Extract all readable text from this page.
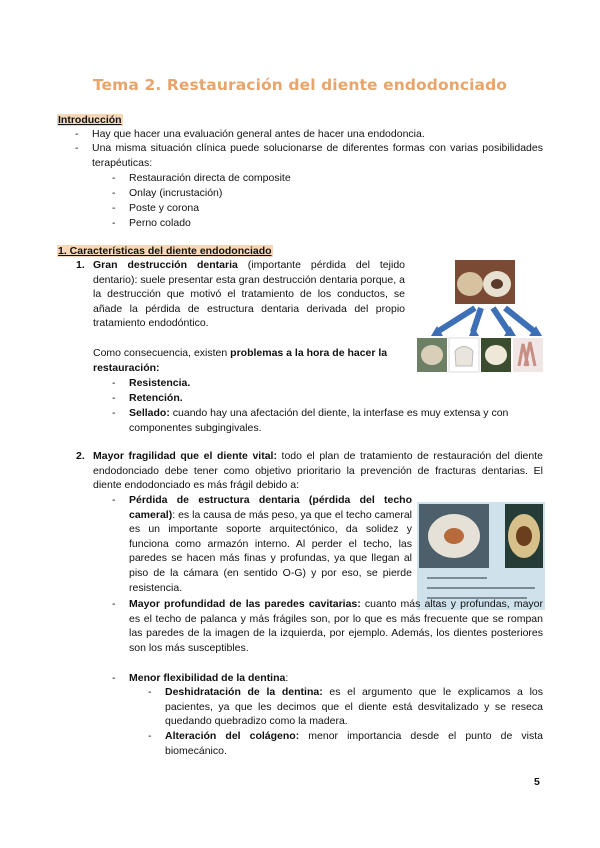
Tema 2. Restauración del diente endodonciado
Introducción
- Hay que hacer una evaluación general antes de hacer una endodoncia.
- Una misma situación clínica puede solucionarse de diferentes formas con varias posibilidades terapéuticas:
- Restauración directa de composite
- Onlay (incrustación)
- Poste y corona
- Perno colado
1. Características del diente endodonciado
1. Gran destrucción dentaria (importante pérdida del tejido dentario): suele presentar esta gran destrucción dentaria porque, a la destrucción que motivó el tratamiento de los conductos, se añade la pérdida de estructura dentaria derivada del propio tratamiento endodóntico.
Como consecuencia, existen problemas a la hora de hacer la restauración:
- Resistencia.
- Retención.
- Sellado: cuando hay una afectación del diente, la interfase es muy extensa y con componentes subgingivales.
2. Mayor fragilidad que el diente vital: todo el plan de tratamiento de restauración del diente endodonciado debe tener como objetivo prioritario la prevención de fracturas dentarias. El diente endodonciado es más frágil debido a:
- Pérdida de estructura dentaria (pérdida del techo cameral): es la causa de más peso, ya que el techo cameral es un importante soporte arquitectónico, da solidez y funciona como armazón interno. Al perder el techo, las paredes se hacen más finas y profundas, ya que llegan al piso de la cámara (en sentido O-G) y por eso, se pierde resistencia.
- Mayor profundidad de las paredes cavitarias: cuanto más altas y profundas, mayor es el techo de palanca y más frágiles son, por lo que es más frecuente que se rompan las paredes de la imagen de la izquierda, por ejemplo. Además, los dientes posteriores son los más susceptibles.
- Menor flexibilidad de la dentina:
- Deshidratación de la dentina: es el argumento que le explicamos a los pacientes, ya que les decimos que el diente está desvitalizado y se reseca quedando quebradizo como la madera.
- Alteración del colágeno: menor importancia desde el punto de vista biomecánico.
5
